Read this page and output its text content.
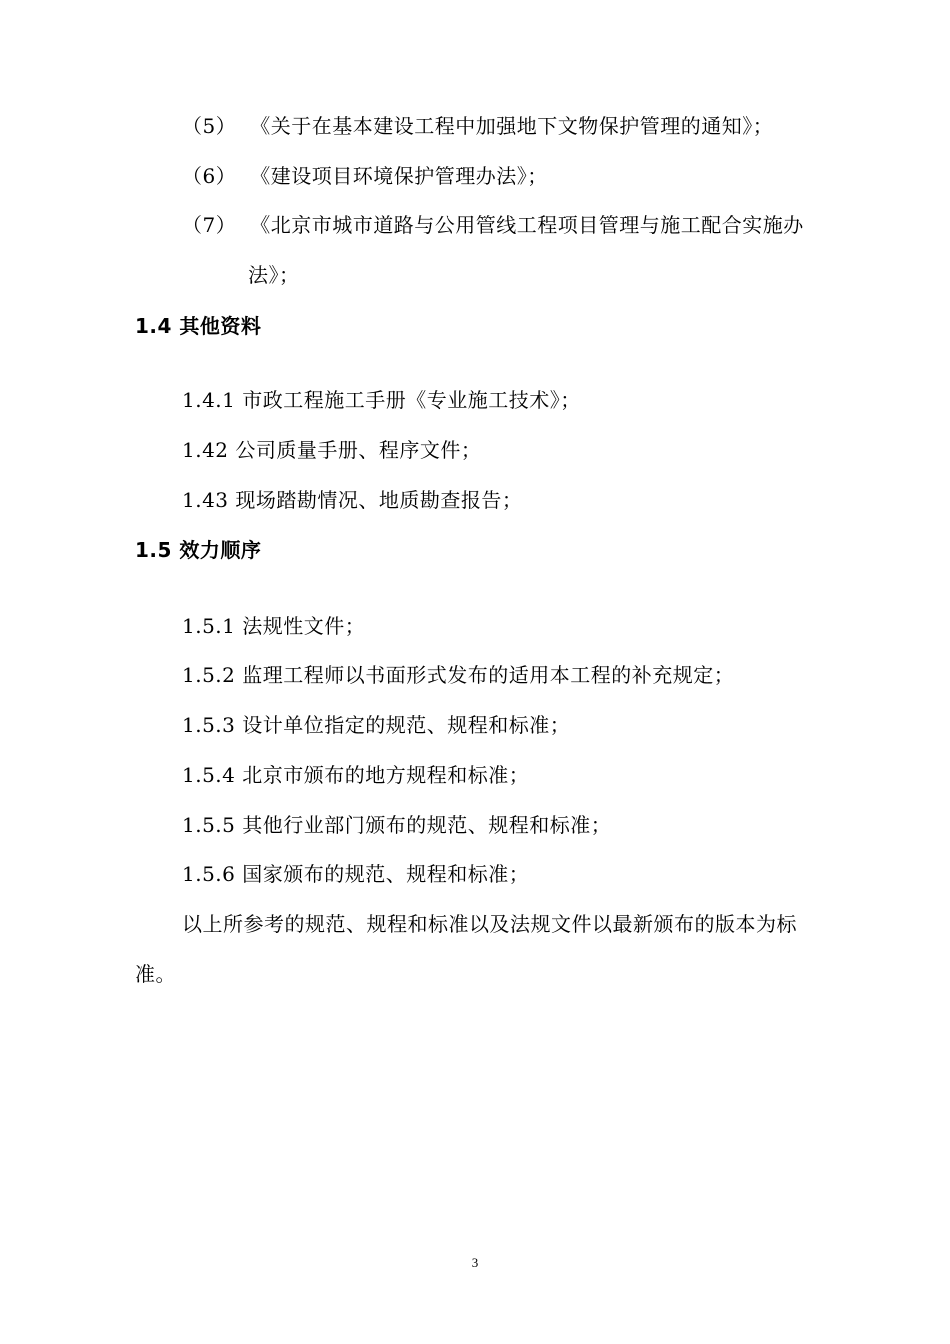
（5） 《关于在基本建设工程中加强地下文物保护管理的通知》；
（6） 《建设项目环境保护管理办法》；
（7） 《北京市城市道路与公用管线工程项目管理与施工配合实施办
法》；
1.4 其他资料
1.4.1 市政工程施工手册《专业施工技术》；
1.42 公司质量手册、程序文件；
1.43 现场踏勘情况、地质勘查报告；
1.5 效力顺序
1.5.1 法规性文件；
1.5.2 监理工程师以书面形式发布的适用本工程的补充规定；
1.5.3 设计单位指定的规范、规程和标准；
1.5.4 北京市颁布的地方规程和标准；
1.5.5 其他行业部门颁布的规范、规程和标准；
1.5.6 国家颁布的规范、规程和标准；
以上所参考的规范、规程和标准以及法规文件以最新颁布的版本为标
准。
3
